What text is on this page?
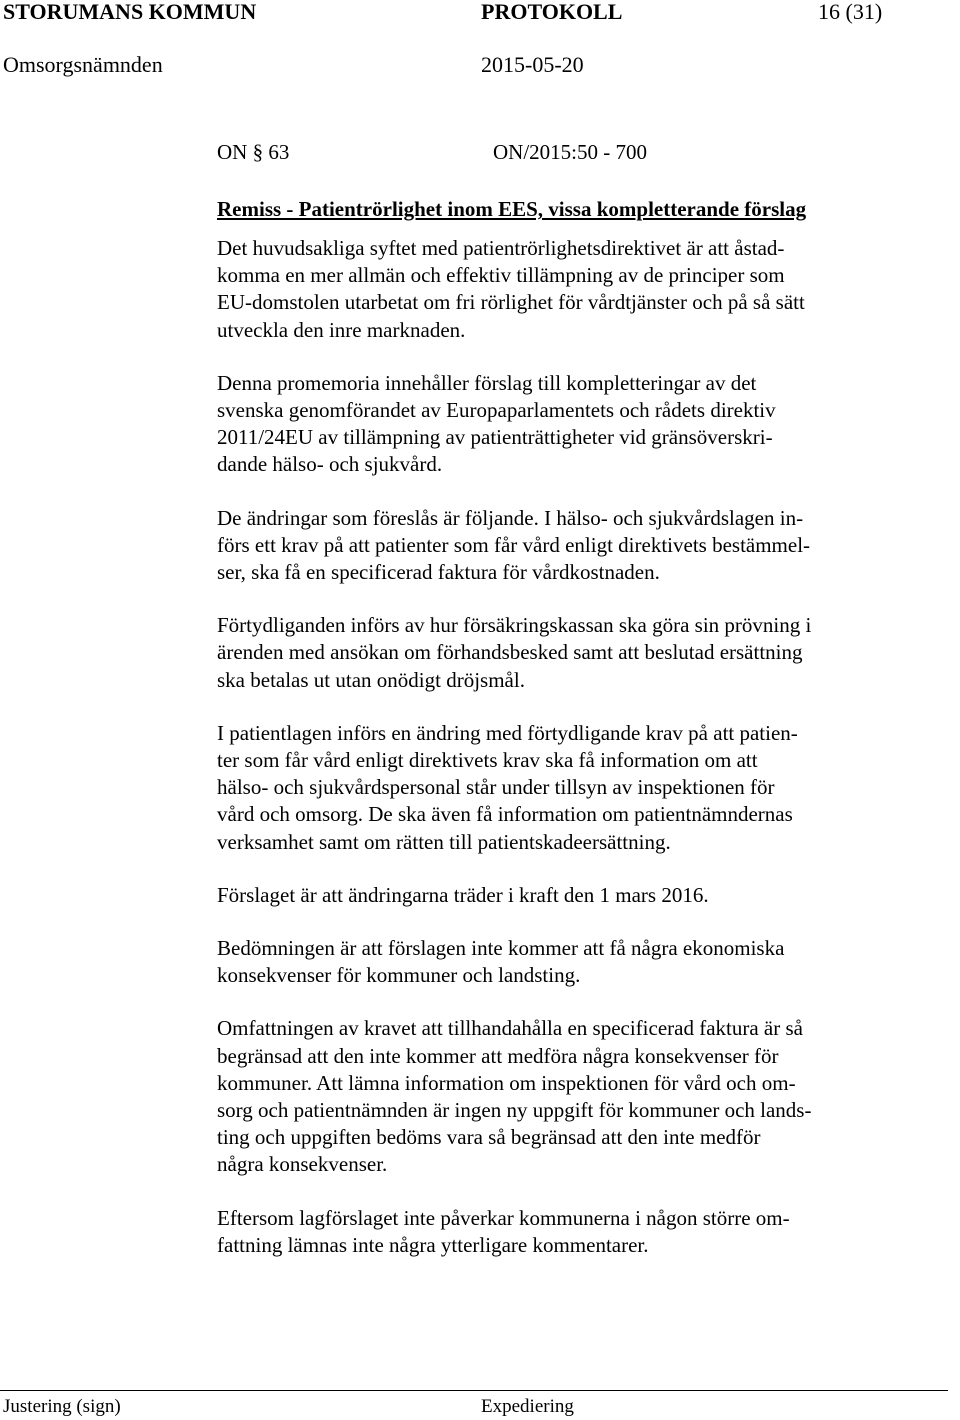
STORUMANS KOMMUN	PROTOKOLL	16 (31)
Omsorgsnämnden	2015-05-20
ON § 63	ON/2015:50 - 700
Remiss - Patientrörlighet inom EES, vissa kompletterande förslag
Det huvudsakliga syftet med patientrörlighetsdirektivet är att åstad-
komma en mer allmän och effektiv tillämpning av de principer som
EU-domstolen utarbetat om fri rörlighet för vårdtjänster och på så sätt
utveckla den inre marknaden.
Denna promemoria innehåller förslag till kompletteringar av det
svenska genomförandet av Europaparlamentets och rådets direktiv
2011/24EU av tillämpning av patienträttigheter vid gränsöverskri-
dande hälso- och sjukvård.
De ändringar som föreslås är följande. I hälso- och sjukvårdslagen in-
förs ett krav på att patienter som får vård enligt direktivets bestämmel-
ser, ska få en specificerad faktura för vårdkostnaden.
Förtydliganden införs av hur försäkringskassan ska göra sin prövning i
ärenden med ansökan om förhandsbesked samt att beslutad ersättning
ska betalas ut utan onödigt dröjsmål.
I patientlagen införs en ändring med förtydligande krav på att patien-
ter som får vård enligt direktivets krav ska få information om att
hälso- och sjukvårdspersonal står under tillsyn av inspektionen för
vård och omsorg. De ska även få information om patientnämndernas
verksamhet samt om rätten till patientskadeersättning.
Förslaget är att ändringarna träder i kraft den 1 mars 2016.
Bedömningen är att förslagen inte kommer att få några ekonomiska
konsekvenser för kommuner och landsting.
Omfattningen av kravet att tillhandahålla en specificerad faktura är så
begränsad att den inte kommer att medföra några konsekvenser för
kommuner. Att lämna information om inspektionen för vård och om-
sorg och patientnämnden är ingen ny uppgift för kommuner och lands-
ting och uppgiften bedöms vara så begränsad att den inte medför
några konsekvenser.
Eftersom lagförslaget inte påverkar kommunerna i någon större om-
fattning lämnas inte några ytterligare kommentarer.
Justering (sign)	Expediering
